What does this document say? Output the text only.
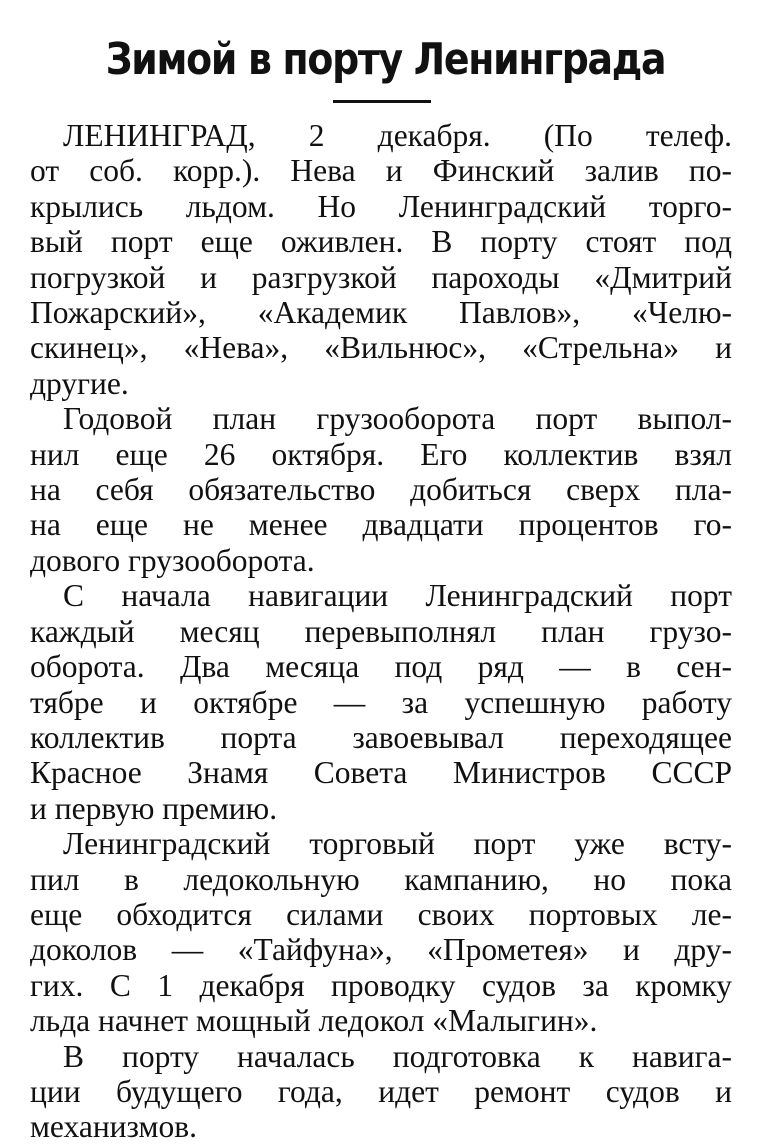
Зимой в порту Ленинграда

ЛЕНИНГРАД, 2 декабря. (По телеф.
от соб. корр.). Нева и Финский залив по-
крылись льдом. Но Ленинградский торго-
вый порт еще оживлен. В порту стоят под
погрузкой и разгрузкой пароходы «Дмитрий
Пожарский», «Академик Павлов», «Челю-
скинец», «Нева», «Вильнюс», «Стрельна» и
другие.

Годовой план грузооборота порт выпол-
нил еще 26 октября. Его коллектив взял
на себя обязательство добиться сверх пла-
на еще не менее двадцати процентов го-
дового грузооборота.

С начала навигации Ленинградский порт
каждый месяц перевыполнял план грузо-
оборота. Два месяца под ряд — в сен-
тябре и октябре — за успешную работу
коллектив порта завоевывал переходящее
Красное Знамя Совета Министров СССР
и первую премию.

Ленинградский торговый порт уже всту-
пил в ледокольную кампанию, но пока
еще обходится силами своих портовых ле-
доколов — «Тайфуна», «Прометея» и дру-
гих. С 1 декабря проводку судов за кромку
льда начнет мощный ледокол «Малыгин».

В порту началась подготовка к навига-
ции будущего года, идет ремонт судов и
механизмов.
